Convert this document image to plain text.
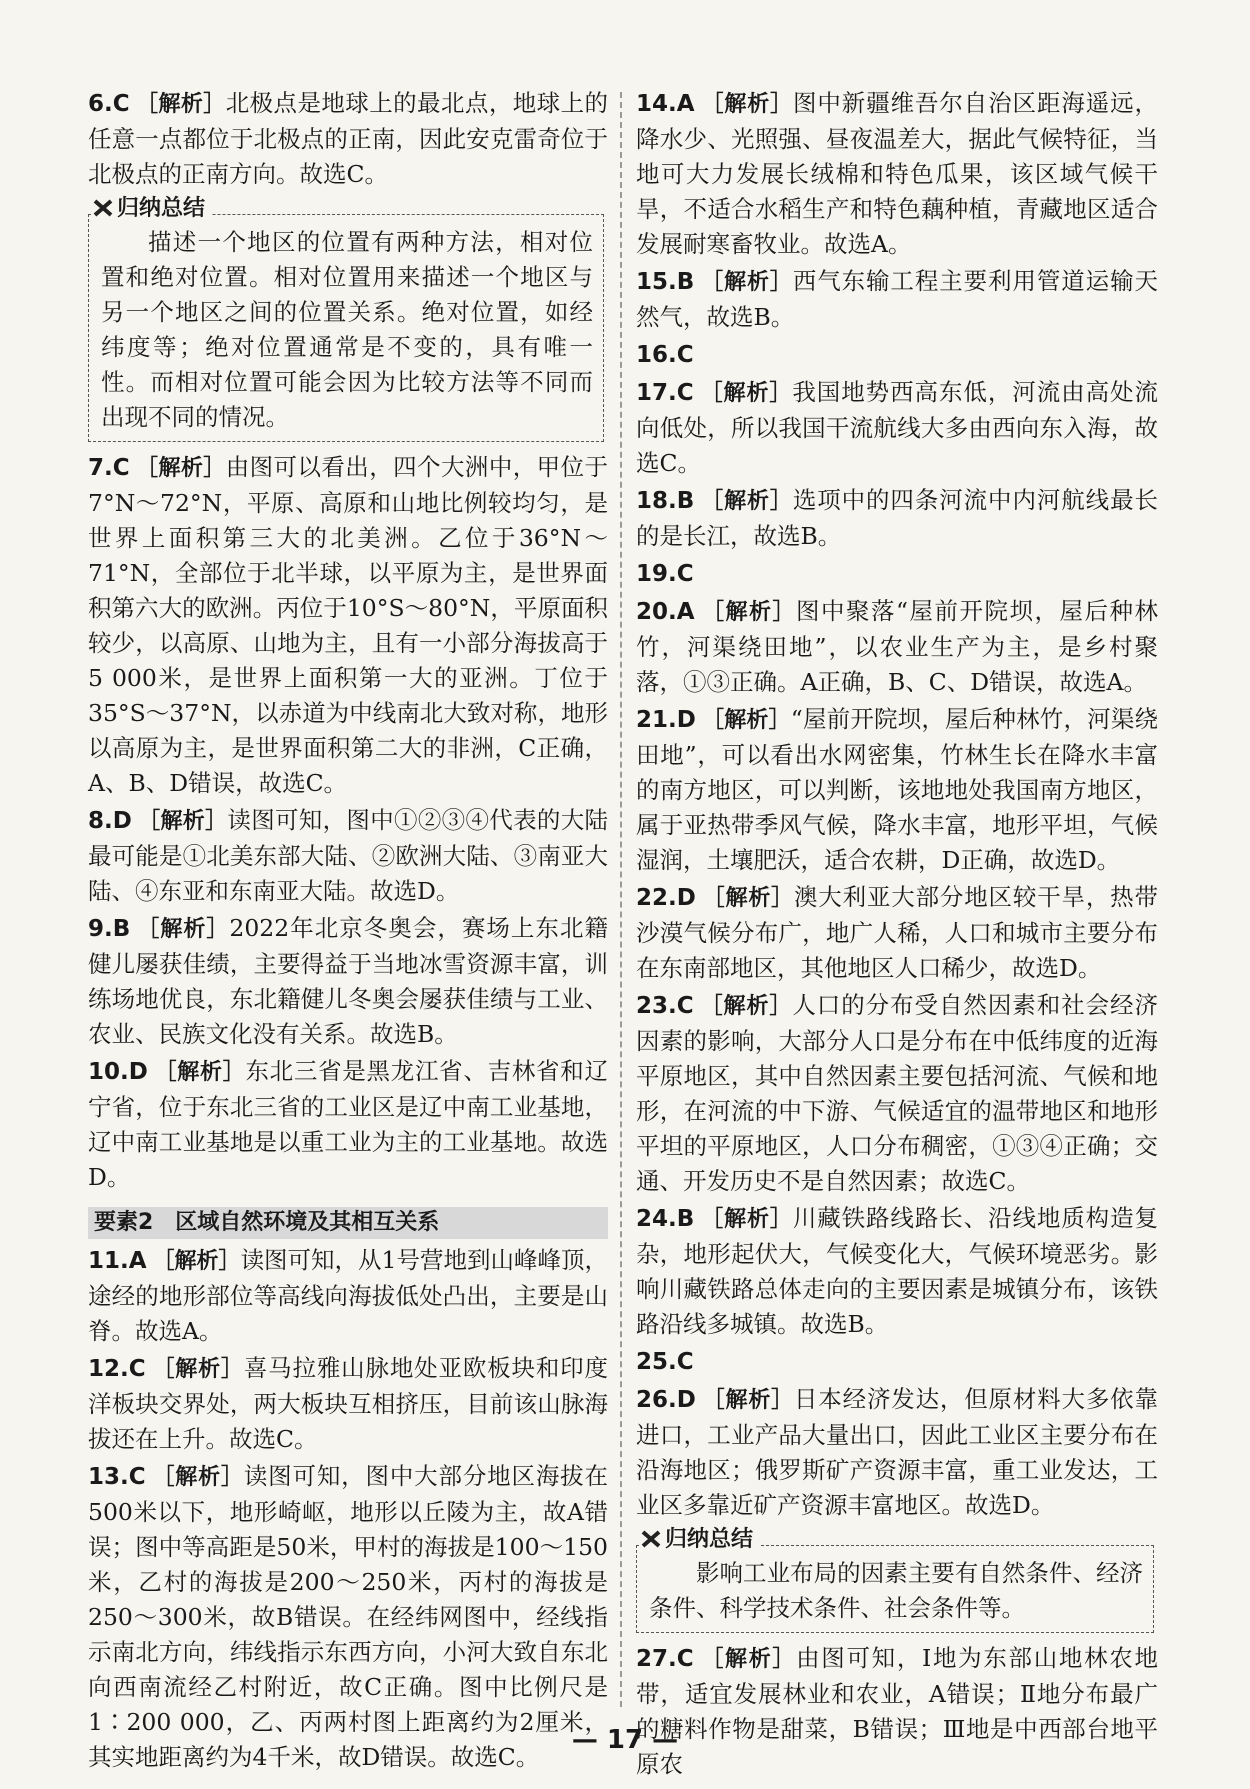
6.C ［解析］北极点是地球上的最北点，地球上的任意一点都位于北极点的正南，因此安克雷奇位于北极点的正南方向。故选C。
归纳总结

描述一个地区的位置有两种方法，相对位置和绝对位置。相对位置用来描述一个地区与另一个地区之间的位置关系。绝对位置，如经纬度等；绝对位置通常是不变的，具有唯一性。而相对位置可能会因为比较方法等不同而出现不同的情况。

7.C ［解析］由图可以看出，四个大洲中，甲位于7°N～72°N，平原、高原和山地比例较均匀，是世界上面积第三大的北美洲。乙位于36°N～71°N，全部位于北半球，以平原为主，是世界面积第六大的欧洲。丙位于10°S～80°N，平原面积较少，以高原、山地为主，且有一小部分海拔高于5 000米，是世界上面积第一大的亚洲。丁位于35°S～37°N，以赤道为中线南北大致对称，地形以高原为主，是世界面积第二大的非洲，C正确，A、B、D错误，故选C。
8.D ［解析］读图可知，图中①②③④代表的大陆最可能是①北美东部大陆、②欧洲大陆、③南亚大陆、④东亚和东南亚大陆。故选D。
9.B ［解析］2022年北京冬奥会，赛场上东北籍健儿屡获佳绩，主要得益于当地冰雪资源丰富，训练场地优良，东北籍健儿冬奥会屡获佳绩与工业、农业、民族文化没有关系。故选B。
10.D ［解析］东北三省是黑龙江省、吉林省和辽宁省，位于东北三省的工业区是辽中南工业基地，辽中南工业基地是以重工业为主的工业基地。故选D。
要素2　区域自然环境及其相互关系
11.A ［解析］读图可知，从1号营地到山峰峰顶，途经的地形部位等高线向海拔低处凸出，主要是山脊。故选A。
12.C ［解析］喜马拉雅山脉地处亚欧板块和印度洋板块交界处，两大板块互相挤压，目前该山脉海拔还在上升。故选C。
13.C ［解析］读图可知，图中大部分地区海拔在500米以下，地形崎岖，地形以丘陵为主，故A错误；图中等高距是50米，甲村的海拔是100～150米，乙村的海拔是200～250米，丙村的海拔是250～300米，故B错误。在经纬网图中，经线指示南北方向，纬线指示东西方向，小河大致自东北向西南流经乙村附近，故C正确。图中比例尺是1∶200 000，乙、丙两村图上距离约为2厘米，其实地距离约为4千米，故D错误。故选C。
14.A ［解析］图中新疆维吾尔自治区距海遥远，降水少、光照强、昼夜温差大，据此气候特征，当地可大力发展长绒棉和特色瓜果，该区域气候干旱，不适合水稻生产和特色藕种植，青藏地区适合发展耐寒畜牧业。故选A。
15.B ［解析］西气东输工程主要利用管道运输天然气，故选B。
16.C
17.C ［解析］我国地势西高东低，河流由高处流向低处，所以我国干流航线大多由西向东入海，故选C。
18.B ［解析］选项中的四条河流中内河航线最长的是长江，故选B。
19.C
20.A ［解析］图中聚落“屋前开院坝，屋后种林竹，河渠绕田地”，以农业生产为主，是乡村聚落，①③正确。A正确，B、C、D错误，故选A。
21.D ［解析］“屋前开院坝，屋后种林竹，河渠绕田地”，可以看出水网密集，竹林生长在降水丰富的南方地区，可以判断，该地地处我国南方地区，属于亚热带季风气候，降水丰富，地形平坦，气候湿润，土壤肥沃，适合农耕，D正确，故选D。
22.D ［解析］澳大利亚大部分地区较干旱，热带沙漠气候分布广，地广人稀，人口和城市主要分布在东南部地区，其他地区人口稀少，故选D。
23.C ［解析］人口的分布受自然因素和社会经济因素的影响，大部分人口是分布在中低纬度的近海平原地区，其中自然因素主要包括河流、气候和地形，在河流的中下游、气候适宜的温带地区和地形平坦的平原地区，人口分布稠密，①③④正确；交通、开发历史不是自然因素；故选C。
24.B ［解析］川藏铁路线路长、沿线地质构造复杂，地形起伏大，气候变化大，气候环境恶劣。影响川藏铁路总体走向的主要因素是城镇分布，该铁路沿线多城镇。故选B。
25.C
26.D ［解析］日本经济发达，但原材料大多依靠进口，工业产品大量出口，因此工业区主要分布在沿海地区；俄罗斯矿产资源丰富，重工业发达，工业区多靠近矿产资源丰富地区。故选D。
归纳总结

影响工业布局的因素主要有自然条件、经济条件、科学技术条件、社会条件等。

27.C ［解析］由图可知，Ⅰ地为东部山地林农地带，适宜发展林业和农业，A错误；Ⅱ地分布最广的糖料作物是甜菜，B错误；Ⅲ地是中西部台地平原农
— 17 —
